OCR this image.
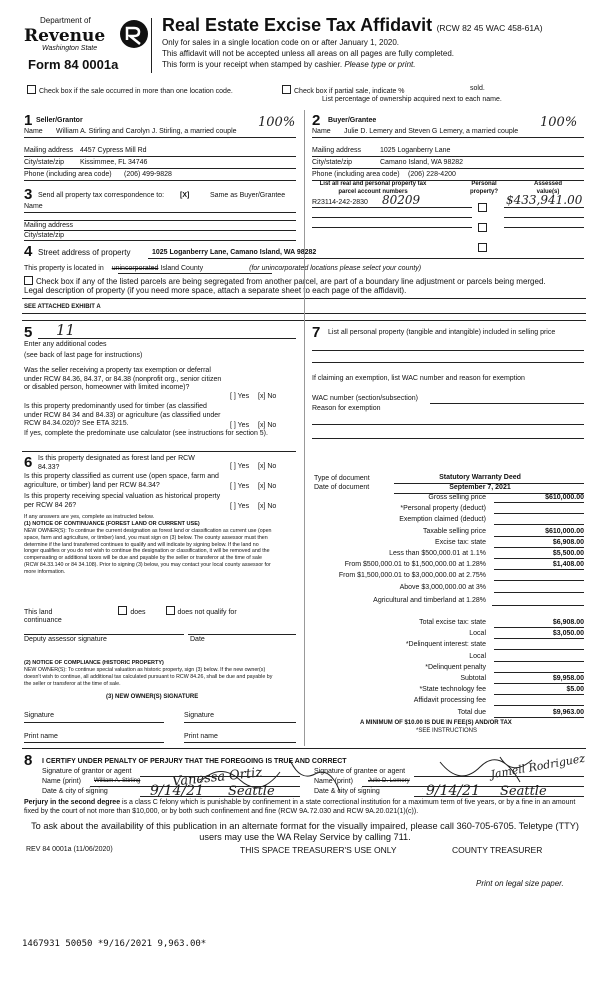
Department of
Revenue
Washington State
Form 84 0001a
Real Estate Excise Tax Affidavit (RCW 82 45 WAC 458-61A)
Only for sales in a single location code on or after January 1, 2020.
This affidavit will not be accepted unless all areas on all pages are fully completed.
This form is your receipt when stamped by cashier. Please type or print.
Check box if the sale occurred in more than one location code.	Check box if partial sale, indicate %	sold.
List percentage of ownership acquired next to each name.
1 Seller/Grantor
Name William A. Stirling and Carolyn J. Stirling, a married couple
100%
Mailing address 4457 Cypress Mill Rd
City/state/zip Kissimmee, FL 34746
Phone (including area code) (206) 499-9828
3 Send all property tax correspondence to: [X]	Same as Buyer/Grantee
Name
Mailing address
City/state/zip
2 Buyer/Grantee
Name Julie D. Lemery and Steven G Lemery, a married couple
100%
Mailing address	1025 Loganberry Lane
City/state/zip	Camano Island, WA 98282
Phone (including area code) (206) 228-4200
List all real and personal property tax parcel account numbers
Personal property?
Assessed value(s)
R23114-242-2830 80209	$433,941.00
4 Street address of property	1025 Loganberry Lane, Camano Island, WA 98282
This property is located in unincorporated Island County	(for unincorporated locations please select your county)
Check box if any of the listed parcels are being segregated from another parcel, are part of a boundary line adjustment or parcels being merged.
Legal description of property (if you need more space, attach a separate sheet to each page of the affidavit).
SEE ATTACHED EXHIBIT A
5 11
Enter any additional codes
(see back of last page for instructions)
Was the seller receiving a property tax exemption or deferral under RCW 84.36, 84.37, or 84.38 (nonprofit org., senior citizen or disabled person, homeowner with limited income)?
[ ] Yes [x] No
Is this property predominantly used for timber (as classified under RCW 84 34 and 84.33) or agriculture (as classified under RCW 84.34.020)? See ETA 3215.	[ ] Yes [x] No
If yes, complete the predominate use calculator (see instructions for section 5).
6 Is this property designated as forest land per RCW 84.33?	[ ] Yes [x] No
Is this property classified as current use (open space, farm and agriculture, or timber) land per RCW 84.34?	[ ] Yes [x] No
Is this property receiving special valuation as historical property per RCW 84 26?	[ ] Yes [x] No
If any answers are yes, complete as instructed below.
(1) NOTICE OF CONTINUANCE (FOREST LAND OR CURRENT USE)
NEW OWNER(S): To continue the current designation as forest land or classification as current use (open space, farm and agriculture, or timber) land, you must sign on (3) below. The county assessor must then determine if the land transferred continues to qualify and will indicate by signing below. If the land no longer qualifies or you do not wish to continue the designation or classification, it will be removed and the compensating or additional taxes will be due and payable by the seller or transferor at the time of sale (RCW 84.33.140 or 84 34.108). Prior to signing (3) below, you may contact your local county assessor for more information.
This land	does	does not qualify for
continuance
Deputy assessor signature	Date
(2) NOTICE OF COMPLIANCE (HISTORIC PROPERTY)
NEW OWNER(S): To continue special valuation as historic property, sign (3) below. If the new owner(s) doesn't wish to continue, all additional tax calculated pursuant to RCW 84.26, shall be due and payable by the seller or transferor at the time of sale.
(3) NEW OWNER(S) SIGNATURE
Signature	Signature
Print name	Print name
7 List all personal property (tangible and intangible) included in selling price
If claiming an exemption, list WAC number and reason for exemption
WAC number (section/subsection)
Reason for exemption
Type of document	Statutory Warranty Deed
Date of document	September 7, 2021
Gross selling price	$610,000.00
*Personal property (deduct)
Exemption claimed (deduct)
Taxable selling price	$610,000.00
Excise tax: state	$6,908.00
Less than $500,000.01 at 1.1%	$5,500.00
From $500,000.01 to $1,500,000.00 at 1.28%	$1,408.00
From $1,500,000.01 to $3,000,000.00 at 2.75%
Above $3,000,000.00 at 3%
Agricultural and timberland at 1.28%
Total excise tax: state	$6,908.00
Local	$3,050.00
*Delinquent interest: state
Local
*Delinquent penalty
Subtotal	$9,958.00
*State technology fee	$5.00
Affidavit processing fee
Total due	$9,963.00
A MINIMUM OF $10.00 IS DUE IN FEE(S) AND/OR TAX
*SEE INSTRUCTIONS
8 I CERTIFY UNDER PENALTY OF PERJURY THAT THE FOREGOING IS TRUE AND CORRECT
Signature of grantor or agent
Name (print) William A. Stirling
Date & city of signing	9/14/21 Seattle
Vanessa Ortiz	Signature of grantee or agent
Name (print)	Julie D. Lemery
Date & city of signing	9/14/21 Seattle
Jamell Rodriguez
Perjury in the second degree is a class C felony which is punishable by confinement in a state correctional institution for a maximum term of five years, or by a fine in an amount fixed by the court of not more than $10,000, or by both such confinement and fine (RCW 9A.72.030 and RCW 9A.20.021(1)(c)).
To ask about the availability of this publication in an alternate format for the visually impaired, please call 360-705-6705. Teletype (TTY) users may use the WA Relay Service by calling 711.
REV 84 0001a (11/06/2020)	THIS SPACE TREASURER'S USE ONLY	COUNTY TREASURER
Print on legal size paper.
1467931 50050 *9/16/2021 9,963.00*
